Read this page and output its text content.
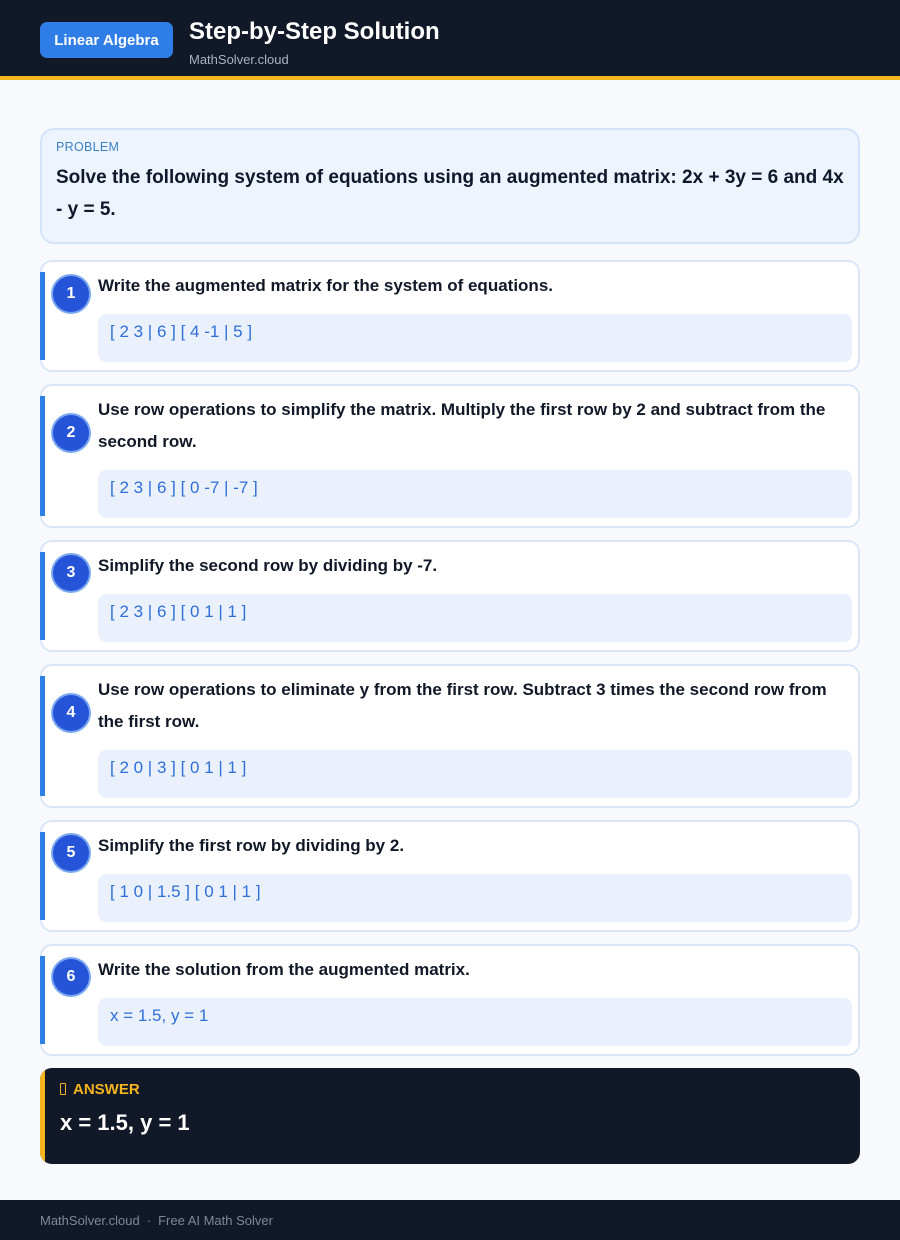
Linear Algebra	Step-by-Step Solution
MathSolver.cloud
PROBLEM
Solve the following system of equations using an augmented matrix: 2x + 3y = 6 and 4x - y = 5.
1	Write the augmented matrix for the system of equations.
[ 2 3 | 6 ] [ 4 -1 | 5 ]
2
Use row operations to simplify the matrix. Multiply the first row by 2 and subtract from the second row.
[ 2 3 | 6 ] [ 0 -7 | -7 ]
3	Simplify the second row by dividing by -7.
[ 2 3 | 6 ] [ 0 1 | 1 ]
4
Use row operations to eliminate y from the first row. Subtract 3 times the second row from the first row.
[ 2 0 | 3 ] [ 0 1 | 1 ]
5	Simplify the first row by dividing by 2.
[ 1 0 | 1.5 ] [ 0 1 | 1 ]
6	Write the solution from the augmented matrix.
x = 1.5, y = 1
ANSWER
x = 1.5, y = 1
MathSolver.cloud · Free AI Math Solver
